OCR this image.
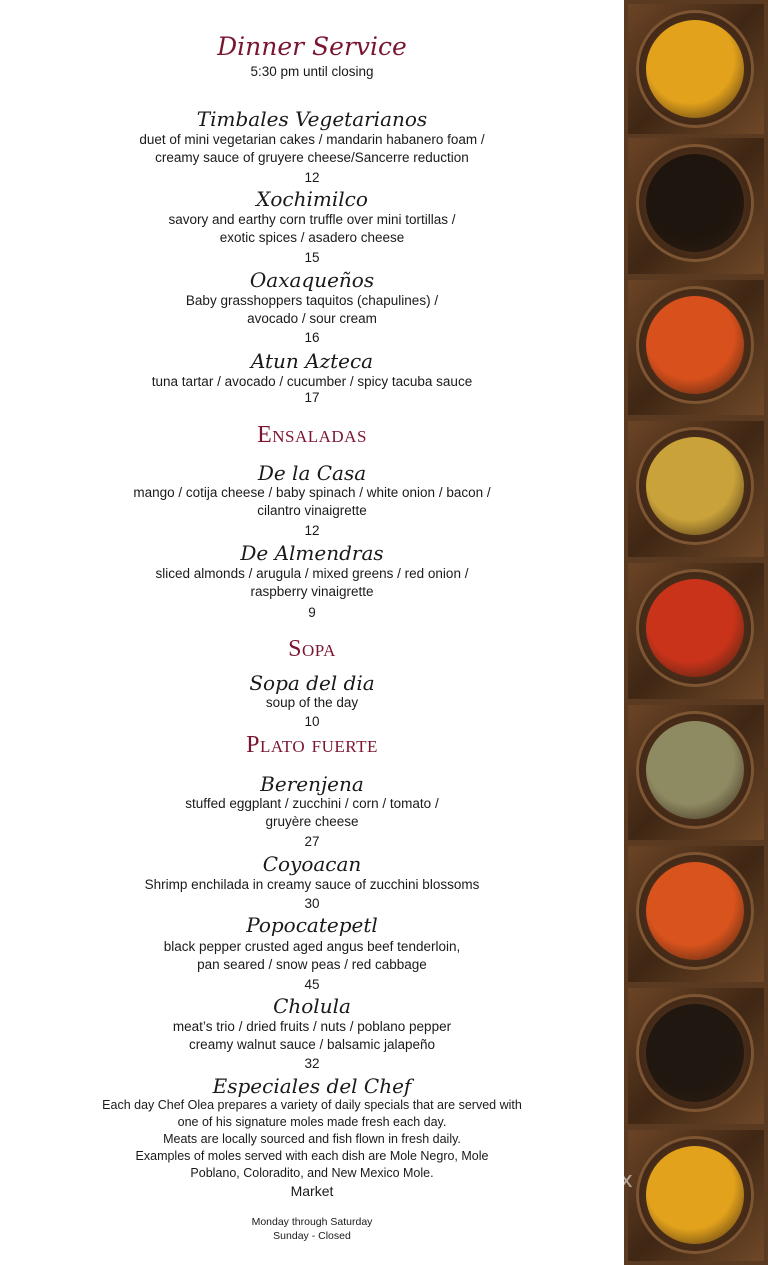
Dinner Service
5:30 pm until closing
Timbales Vegetarianos
duet of mini vegetarian cakes / mandarin habanero foam /
creamy sauce of gruyere cheese/Sancerre reduction
12
Xochimilco
savory and earthy corn truffle over mini tortillas /
exotic spices / asadero cheese
15
Oaxaqueños
Baby grasshoppers taquitos (chapulines) /
avocado / sour cream
16
Atun Azteca
tuna tartar / avocado / cucumber / spicy tacuba sauce
17
Ensaladas
De la Casa
mango / cotija cheese / baby spinach / white onion / bacon /
cilantro vinaigrette
12
De Almendras
sliced almonds / arugula / mixed greens / red onion /
raspberry vinaigrette
9
Sopa
Sopa del dia
soup of the day
10
Plato fuerte
Berenjena
stuffed eggplant / zucchini / corn / tomato /
gruyère cheese
27
Coyoacan
Shrimp enchilada in creamy sauce of zucchini blossoms
30
Popocatepetl
black pepper crusted aged angus beef tenderloin,
pan seared / snow peas / red cabbage
45
Cholula
meat’s trio / dried fruits / nuts / poblano pepper
creamy walnut sauce / balsamic jalapeño
32
Especiales del Chef
Each day Chef Olea prepares a variety of daily specials that are served with
one of his signature moles made fresh each day.
Meats are locally sourced and fish flown in fresh daily.
Examples of moles served with each dish are Mole Negro, Mole
Poblano, Coloradito, and New Mexico Mole.
Market
Monday through Saturday
Sunday - Closed
menupix
